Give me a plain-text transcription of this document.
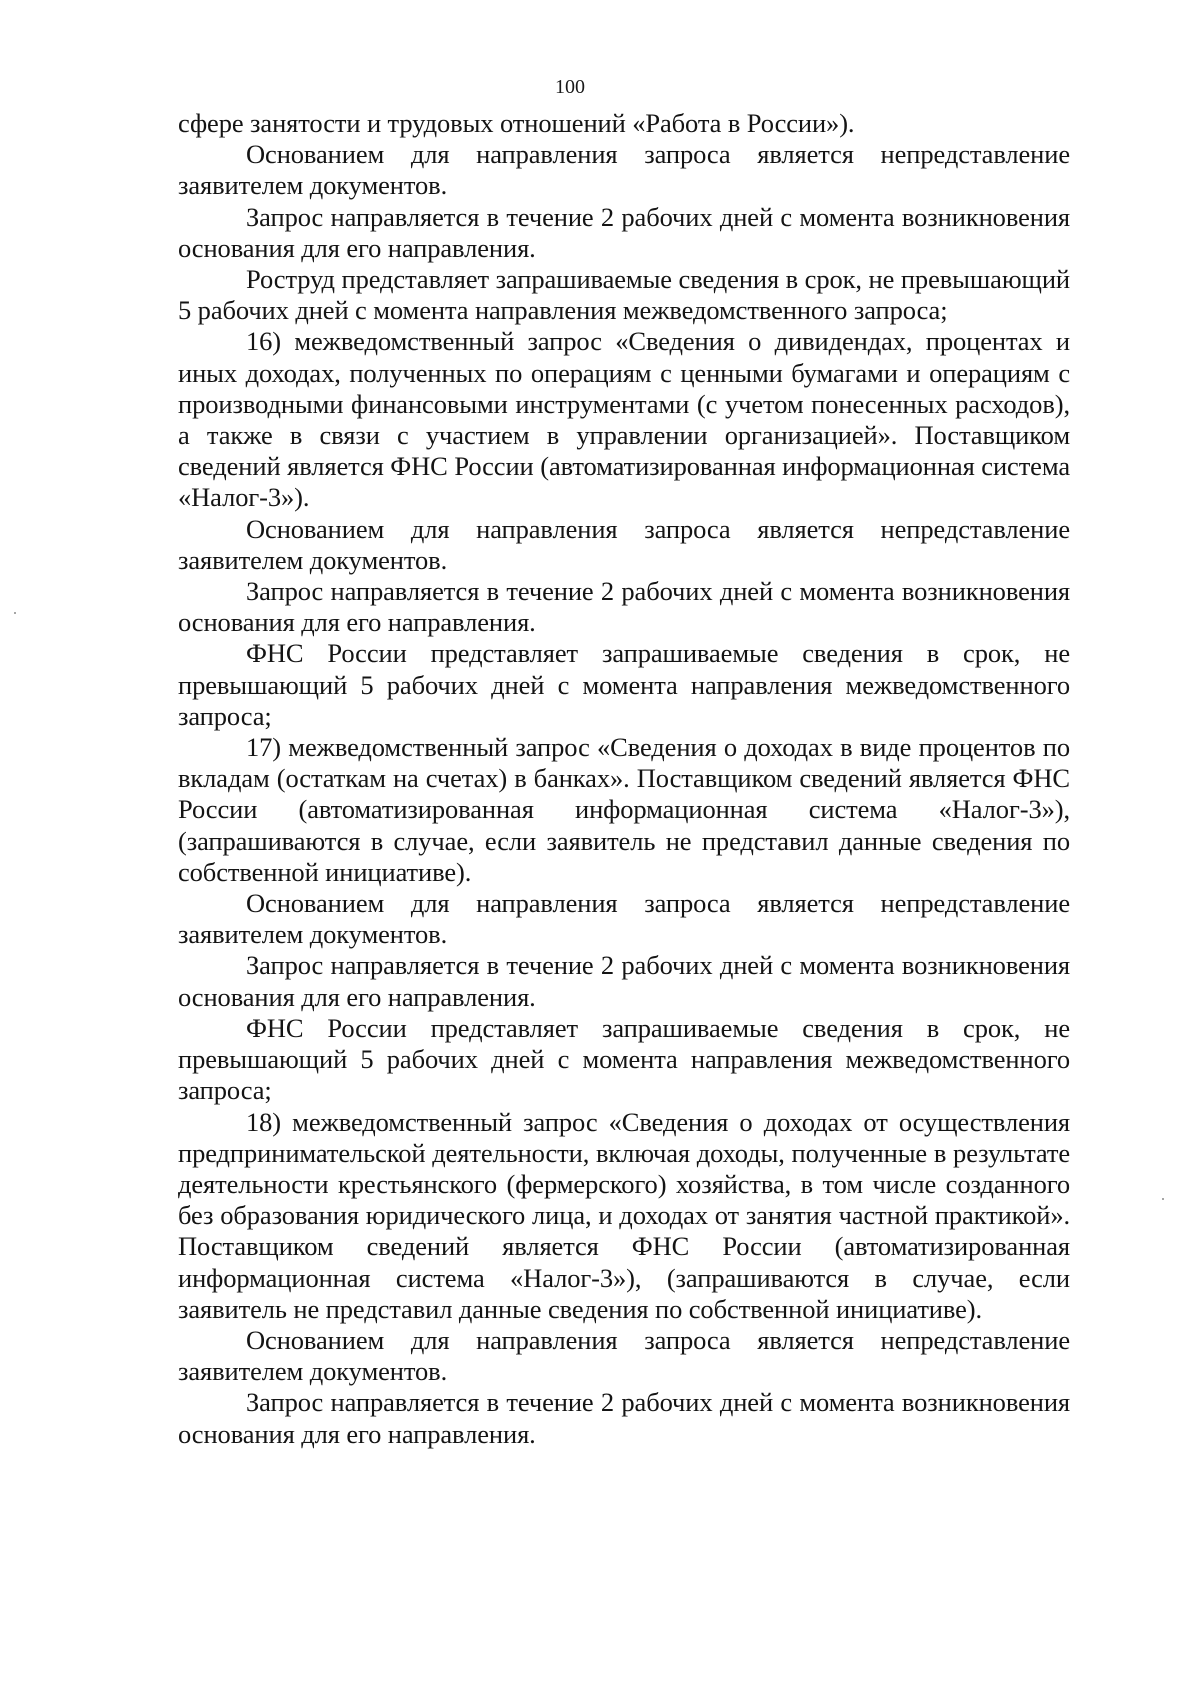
100

сфере занятости и трудовых отношений «Работа в России»).

Основанием для направления запроса является непредставление заявителем документов.

Запрос направляется в течение 2 рабочих дней с момента возникновения основания для его направления.

Роструд представляет запрашиваемые сведения в срок, не превышающий 5 рабочих дней с момента направления межведомственного запроса;

16) межведомственный запрос «Сведения о дивидендах, процентах и иных доходах, полученных по операциям с ценными бумагами и операциям с производными финансовыми инструментами (с учетом понесенных расходов), а также в связи с участием в управлении организацией». Поставщиком сведений является ФНС России (автоматизированная информационная система «Налог-3»).

Основанием для направления запроса является непредставление заявителем документов.

Запрос направляется в течение 2 рабочих дней с момента возникновения основания для его направления.

ФНС России представляет запрашиваемые сведения в срок, не превышающий 5 рабочих дней с момента направления межведомственного запроса;

17) межведомственный запрос «Сведения о доходах в виде процентов по вкладам (остаткам на счетах) в банках». Поставщиком сведений является ФНС России (автоматизированная информационная система «Налог-3»), (запрашиваются в случае, если заявитель не представил данные сведения по собственной инициативе).

Основанием для направления запроса является непредставление заявителем документов.

Запрос направляется в течение 2 рабочих дней с момента возникновения основания для его направления.

ФНС России представляет запрашиваемые сведения в срок, не превышающий 5 рабочих дней с момента направления межведомственного запроса;

18) межведомственный запрос «Сведения о доходах от осуществления предпринимательской деятельности, включая доходы, полученные в результате деятельности крестьянского (фермерского) хозяйства, в том числе созданного без образования юридического лица, и доходах от занятия частной практикой». Поставщиком сведений является ФНС России (автоматизированная информационная система «Налог-3»), (запрашиваются в случае, если заявитель не представил данные сведения по собственной инициативе).

Основанием для направления запроса является непредставление заявителем документов.

Запрос направляется в течение 2 рабочих дней с момента возникновения основания для его направления.
